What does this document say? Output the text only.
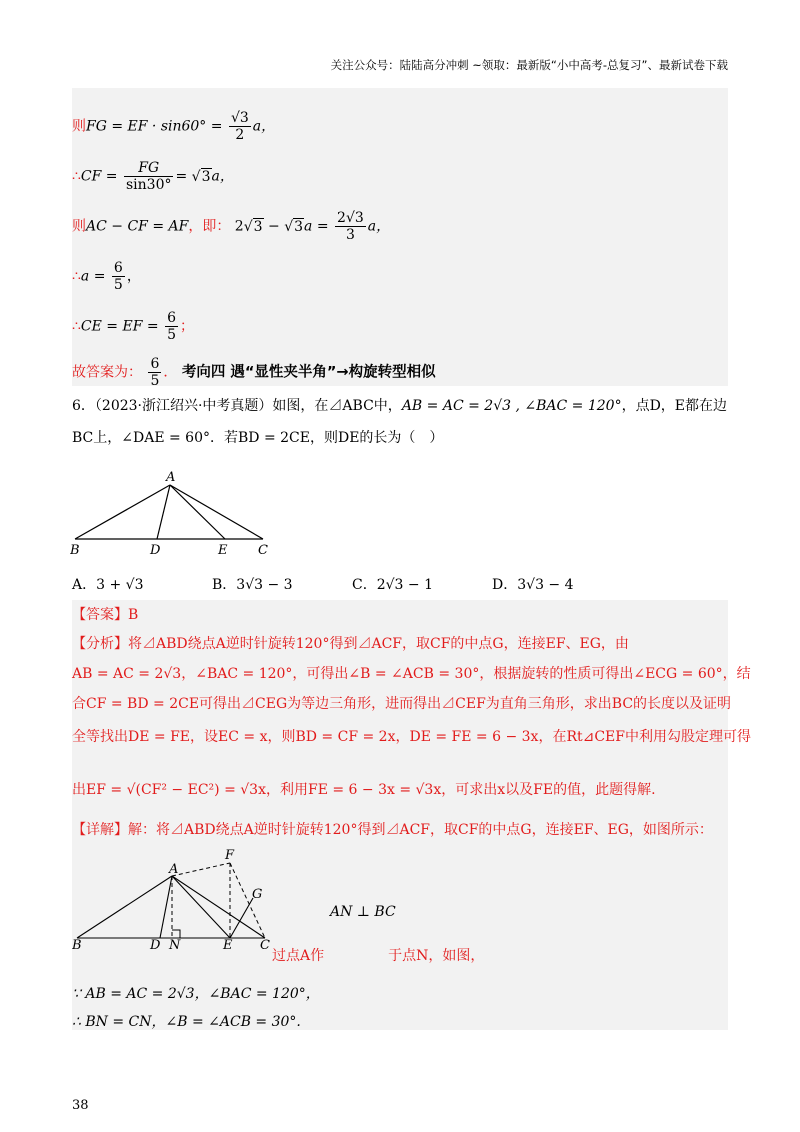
关注公众号：陆陆高分冲刺 ~领取：最新版“小中高考-总复习”、最新试卷下载
则FG = EF · $\sin 60^\circ = \frac{√3}{2}$ a，
∴CF = $\frac{FG}{\sin 30^\circ} = √3a$，
则AC − CF = AF，即： $2√3 - √3a = \frac{2√3}{3}$ a，
∴a = $\frac{6}{5}$ ，
∴CE = EF = $\frac{6}{5}$ ；
故答案为： $\frac{6}{5}$ ． 考向四 遇“显性夹半角”→构旋转型相似
6．（2023·浙江绍兴·中考真题）如图，在⊿ABC中，AB = AC = 2√3 , ∠BAC = 120°，点D，E都在边
BC上，∠DAE = 60°．若BD = 2CE，则DE的长为（　）
A
B	D	E C
A．3 + √3	B．3√3 − 3	C．2√3 − 1	D．3√3 − 4
【答案】B
【分析】将⊿ABD绕点A逆时针旋转120°得到⊿ACF，取CF的中点G，连接EF、EG，由
AB = AC = 2√3，∠BAC = 120°，可得出∠B = ∠ACB = 30°，根据旋转的性质可得出∠ECG = 60°，结
合CF = BD = 2CE可得出⊿CEG为等边三角形，进而得出⊿CEF为直角三角形，求出BC的长度以及证明
全等找出DE = FE，设EC = x，则BD = CF = 2x，DE = FE = 6 − 3x，在Rt⊿CEF中利用勾股定理可得
出EF = √(CF² − EC²) = √3x，利用FE = 6 − 3x = √3x，可求出x以及FE的值，此题得解.
【详解】解：将⊿ABD绕点A逆时针旋转120°得到⊿ACF，取CF的中点G，连接EF、EG，如图所示：
A
F
G
B	D N	E C
AN ⊥ BC
过点A作	于点N，如图，
∵ AB = AC = 2√3，∠BAC = 120°，
∴ BN = CN，∠B = ∠ACB = 30°.
38
